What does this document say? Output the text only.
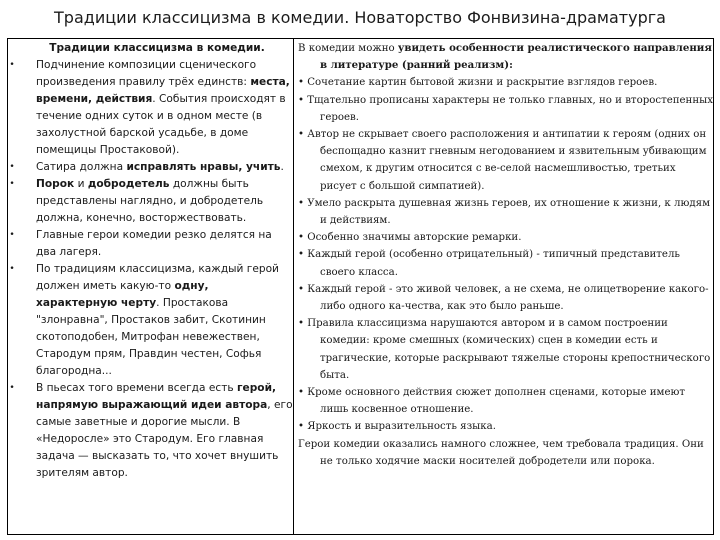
Традиции классицизма в комедии. Новаторство Фонвизина-драматурга
Традиции классицизма в комедии.
• Подчинение композиции сценического произведения правилу трёх единств: места, времени, действия. События происходят в течение одних суток и в одном месте (в захолустной барской усадьбе, в доме помещицы Простаковой).
• Сатира должна исправлять нравы, учить.
• Порок и добродетель должны быть представлены наглядно, и добродетель должна, конечно, восторжествовать.
• Главные герои комедии резко делятся на два лагеря.
• По традициям классицизма, каждый герой должен иметь какую-то одну, характерную черту. Простакова "злонравна", Простаков забит, Скотинин скотоподобен, Митрофан невежествен, Стародум прям, Правдин честен, Софья благородна...
• В пьесах того времени всегда есть герой, напрямую выражающий идеи автора, его самые заветные и дорогие мысли. В «Недоросле» это Стародум. Его главная задача — высказать то, что хочет внушить зрителям автор.
В комедии можно увидеть особенности реалистического направления в литературе (ранний реализм):
• Сочетание картин бытовой жизни и раскрытие взглядов героев.
• Тщательно прописаны характеры не только главных, но и второстепенных героев.
• Автор не скрывает своего расположения и антипатии к героям (одних он беспощадно казнит гневным негодованием и язвительным убивающим смехом, к другим относится с ве-селой насмешливостью, третьих рисует с большой симпатией).
• Умело раскрыта душевная жизнь героев, их отношение к жизни, к людям и действиям.
• Особенно значимы авторские ремарки.
• Каждый герой (особенно отрицательный) - типичный представитель своего класса.
• Каждый герой - это живой человек, а не схема, не олицетворение какого-либо одного ка-чества, как это было раньше.
• Правила классицизма нарушаются автором и в самом построении комедии: кроме смешных (комических) сцен в комедии есть и трагические, которые раскрывают тяжелые стороны крепостнического быта.
• Кроме основного действия сюжет дополнен сценами, которые имеют лишь косвенное отношение.
• Яркость и выразительность языка.
Герои комедии оказались намного сложнее, чем требовала традиция. Они не только ходячие маски носителей добродетели или порока.
